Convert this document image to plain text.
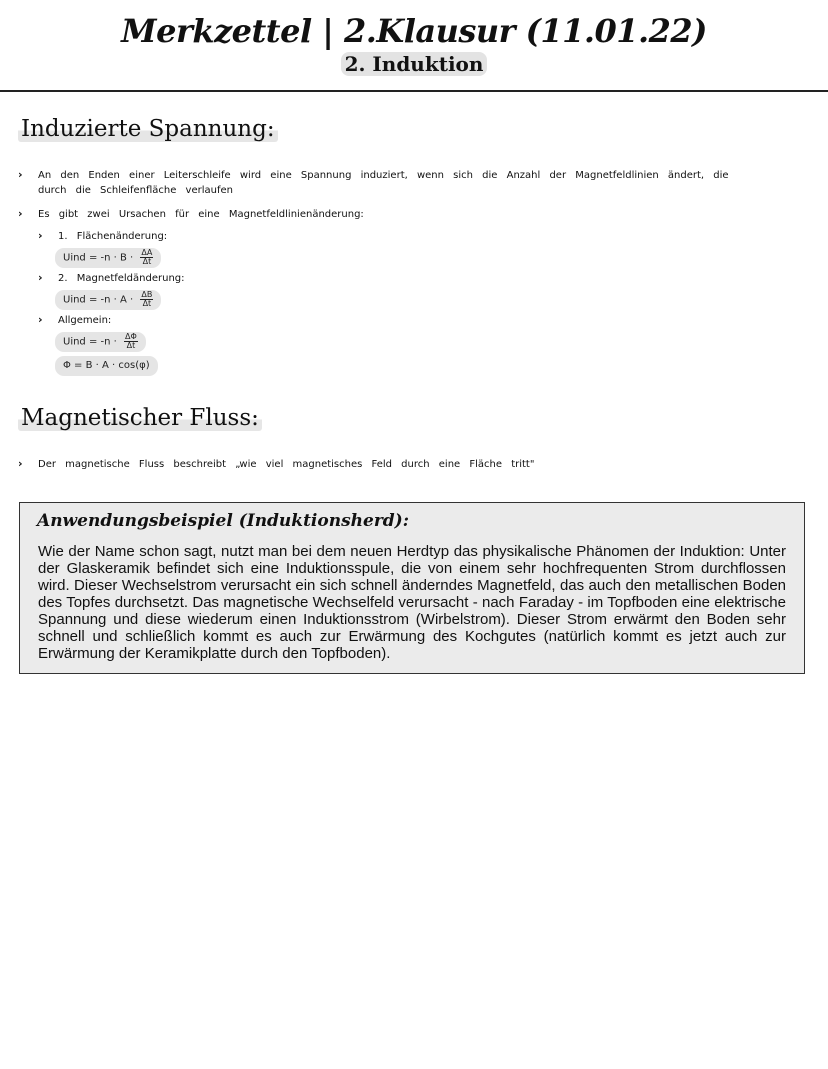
Merkzettel | 2.Klausur (11.01.22)
2. Induktion
Induzierte Spannung:
› An den Enden einer Leiterschleife wird eine Spannung induziert, wenn sich die Anzahl der Magnetfeldlinien ändert, die
durch die Schleifenfläche verlaufen
› Es gibt zwei Ursachen für eine Magnetfeldlinienänderung:
› 1. Flächenänderung:
Uind = $-n \cdot B \cdot \frac{\Delta A}{\Delta t}$
› 2. Magnetfeldänderung:
Uind = $-n \cdot A \cdot \frac{\Delta B}{\Delta t}$
› Allgemein:
Uind = $-n \cdot \frac{\Delta\Phi}{\Delta t}$
Φ = B · A · cos(φ)
Magnetischer Fluss:
› Der magnetische Fluss beschreibt „wie viel magnetisches Feld durch eine Fläche tritt"
Anwendungsbeispiel (Induktionsherd):
Wie der Name schon sagt, nutzt man bei dem neuen Herdtyp das physikalische Phänomen der Induktion: Unter der Glaskeramik befindet sich eine Induktionsspule, die von einem sehr hochfrequenten Strom durchflossen wird. Dieser Wechselstrom verursacht ein sich schnell änderndes Magnetfeld, das auch den metallischen Boden des Topfes durchsetzt. Das magnetische Wechselfeld verursacht - nach Faraday - im Topfboden eine elektrische Spannung und diese wiederum einen Induktionsstrom (Wirbelstrom). Dieser Strom erwärmt den Boden sehr schnell und schließlich kommt es auch zur Erwärmung des Kochgutes (natürlich kommt es jetzt auch zur Erwärmung der Keramikplatte durch den Topfboden).
